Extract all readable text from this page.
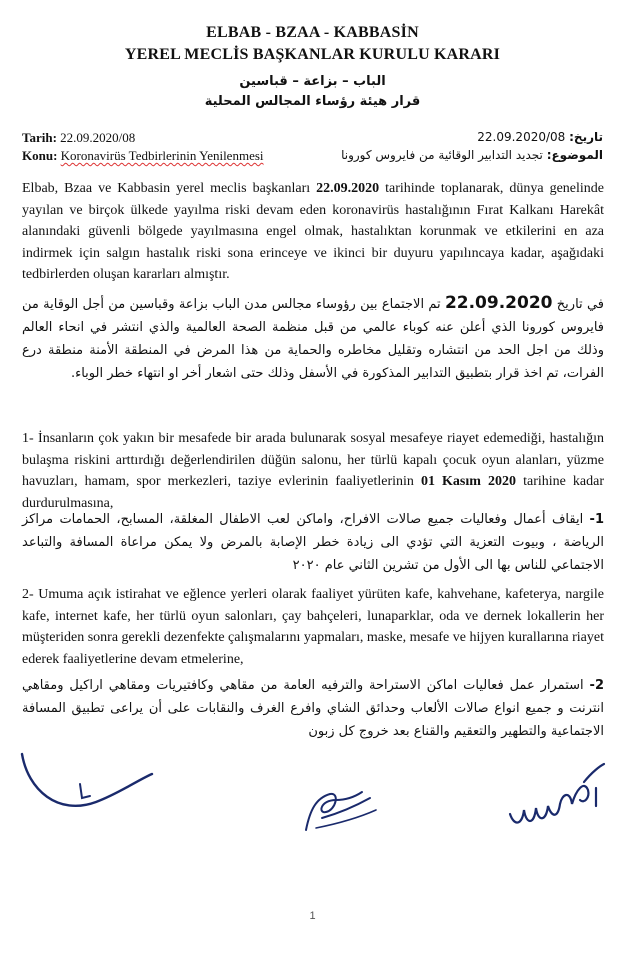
ELBAB - BZAA - KABBASİN
YEREL MECLİS BAŞKANLAR KURULU KARARI
الباب – بزاعة – قباسين
قرار هيئة رؤساء المجالس المحلية
Tarih: 22.09.2020/08
Konu: Koronavirüs Tedbirlerinin Yenilenmesi
تاريخ: 22.09.2020/08
الموضوع: تجديد التدابير الوقائية من فايروس كورونا
Elbab, Bzaa ve Kabbasin yerel meclis başkanları 22.09.2020 tarihinde toplanarak, dünya genelinde yayılan ve birçok ülkede yayılma riski devam eden koronavirüs hastalığının Fırat Kalkanı Harekât alanındaki güvenli bölgede yayılmasına engel olmak, hastalıktan korunmak ve etkilerini en aza indirmek için salgın hastalık riski sona erinceye ve ikinci bir duyuru yapılıncaya kadar, aşağıdaki tedbirlerden oluşan kararları almıştır.
في تاريخ 22.09.2020 تم الاجتماع بين رؤوساء مجالس مدن الباب بزاعة وقباسين من أجل الوقاية من فايروس كورونا الذي أعلن عنه كوباء عالمي من قبل منظمة الصحة العالمية والذي انتشر في انحاء العالم وذلك من اجل الحد من انتشاره وتقليل مخاطره والحماية من هذا المرض في المنطقة الأمنة منطقة درع الفرات، تم اخذ قرار بتطبيق التدابير المذكورة في الأسفل وذلك حتى اشعار أخر او انتهاء خطر الوباء.
1- İnsanların çok yakın bir mesafede bir arada bulunarak sosyal mesafeye riayet edemediği, hastalığın bulaşma riskini arttırdığı değerlendirilen düğün salonu, her türlü kapalı çocuk oyun alanları, yüzme havuzları, hamam, spor merkezleri, taziye evlerinin faaliyetlerinin 01 Kasım 2020 tarihine kadar durdurulmasına,
1- ايقاف أعمال وفعاليات جميع صالات الافراح، واماكن لعب الاطفال المغلقة، المسابح، الحمامات مراكز الرياضة ، وبيوت التعزية التي تؤدي الى زيادة خطر الإصابة بالمرض ولا يمكن مراعاة المسافة والتباعد الاجتماعي للناس بها الى الأول من تشرين الثاني عام ٢٠٢٠
2- Umuma açık istirahat ve eğlence yerleri olarak faaliyet yürüten kafe, kahvehane, kafeterya, nargile kafe, internet kafe, her türlü oyun salonları, çay bahçeleri, lunaparklar, oda ve dernek lokallerin her müşteriden sonra gerekli dezenfekte çalışmalarını yapmaları, maske, mesafe ve hijyen kurallarına riayet ederek faaliyetlerine devam etmelerine,
2- استمرار عمل فعاليات اماكن الاستراحة والترفيه العامة من مقاهي وكافتيريات ومقاهي اراكيل ومقاهي انترنت و جميع انواع صالات الألعاب وحدائق الشاي وافرع الغرف والنقابات على أن يراعى تطبيق المسافة الاجتماعية والتطهير والتعقيم والقناع بعد خروج كل زبون
1
